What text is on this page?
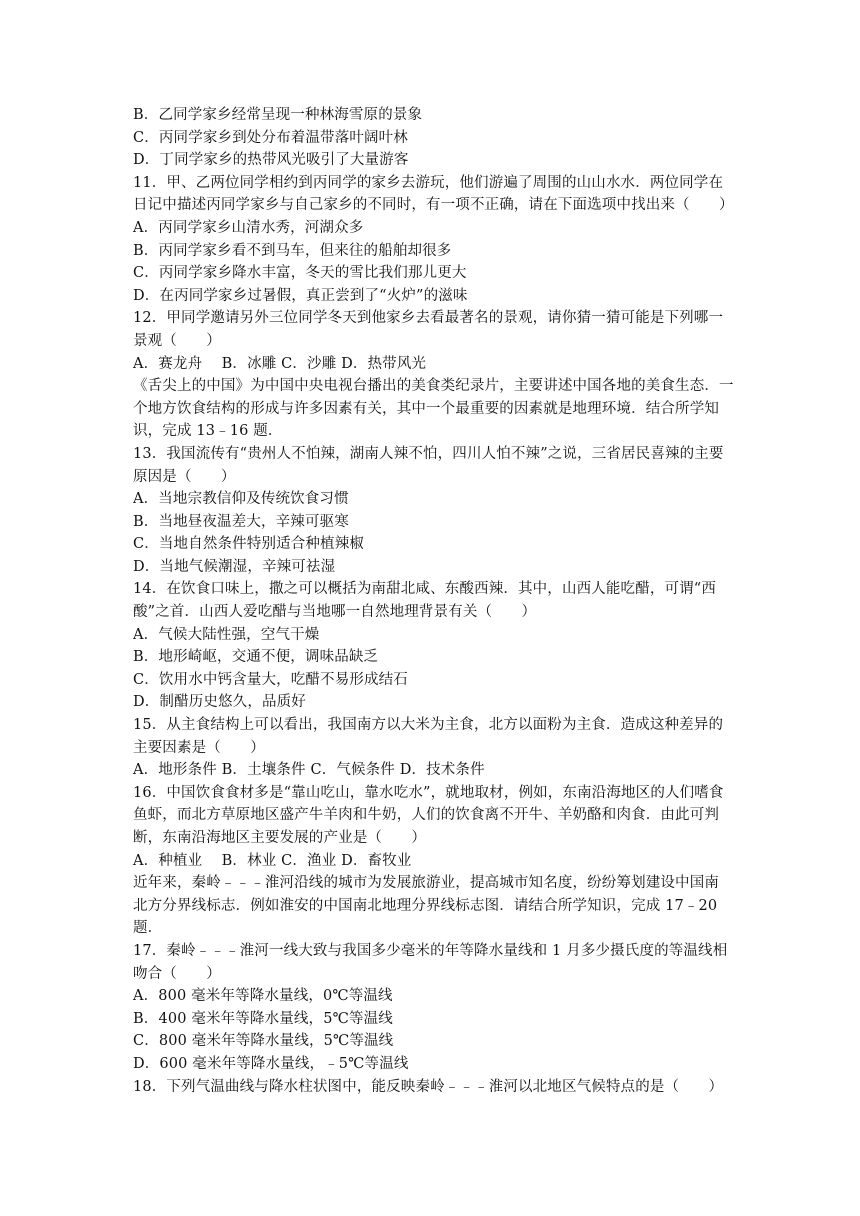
B．乙同学家乡经常呈现一种林海雪原的景象
C．丙同学家乡到处分布着温带落叶阔叶林
D．丁同学家乡的热带风光吸引了大量游客
11．甲、乙两位同学相约到丙同学的家乡去游玩，他们游遍了周围的山山水水．两位同学在
日记中描述丙同学家乡与自己家乡的不同时，有一项不正确，请在下面选项中找出来（　　）
A．丙同学家乡山清水秀，河湖众多
B．丙同学家乡看不到马车，但来往的船舶却很多
C．丙同学家乡降水丰富，冬天的雪比我们那儿更大
D．在丙同学家乡过暑假，真正尝到了“火炉”的滋味
12．甲同学邀请另外三位同学冬天到他家乡去看最著名的景观，请你猜一猜可能是下列哪一
景观（　　）
A．赛龙舟　 B．冰雕 C．沙雕 D．热带风光
《舌尖上的中国》为中国中央电视台播出的美食类纪录片，主要讲述中国各地的美食生态．一
个地方饮食结构的形成与许多因素有关，其中一个最重要的因素就是地理环境．结合所学知
识，完成 13﹣16 题．
13．我国流传有“贵州人不怕辣，湖南人辣不怕，四川人怕不辣”之说，三省居民喜辣的主要
原因是（　　）
A．当地宗教信仰及传统饮食习惯
B．当地昼夜温差大，辛辣可驱寒
C．当地自然条件特别适合种植辣椒
D．当地气候潮湿，辛辣可祛湿
14．在饮食口味上，撒之可以概括为南甜北咸、东酸西辣．其中，山西人能吃醋，可谓“西
酸”之首．山西人爱吃醋与当地哪一自然地理背景有关（　　）
A．气候大陆性强，空气干燥
B．地形崎岖，交通不便，调味品缺乏
C．饮用水中钙含量大，吃醋不易形成结石
D．制醋历史悠久，品质好
15．从主食结构上可以看出，我国南方以大米为主食，北方以面粉为主食．造成这种差异的
主要因素是（　　）
A．地形条件 B．土壤条件 C．气候条件 D．技术条件
16．中国饮食食材多是“靠山吃山，靠水吃水”，就地取材，例如，东南沿海地区的人们嗜食
鱼虾，而北方草原地区盛产牛羊肉和牛奶，人们的饮食离不开牛、羊奶酪和肉食．由此可判
断，东南沿海地区主要发展的产业是（　　）
A．种植业　 B．林业 C．渔业 D．畜牧业
近年来，秦岭﹣﹣﹣淮河沿线的城市为发展旅游业，提高城市知名度，纷纷筹划建设中国南
北方分界线标志．例如淮安的中国南北地理分界线标志图．请结合所学知识，完成 17﹣20
题．
17．秦岭﹣﹣﹣淮河一线大致与我国多少毫米的年等降水量线和 1 月多少摄氏度的等温线相
吻合（　　）
A．800 毫米年等降水量线，0℃等温线
B．400 毫米年等降水量线，5℃等温线
C．800 毫米年等降水量线，5℃等温线
D．600 毫米年等降水量线，﹣5℃等温线
18．下列气温曲线与降水柱状图中，能反映秦岭﹣﹣﹣淮河以北地区气候特点的是（　　）
